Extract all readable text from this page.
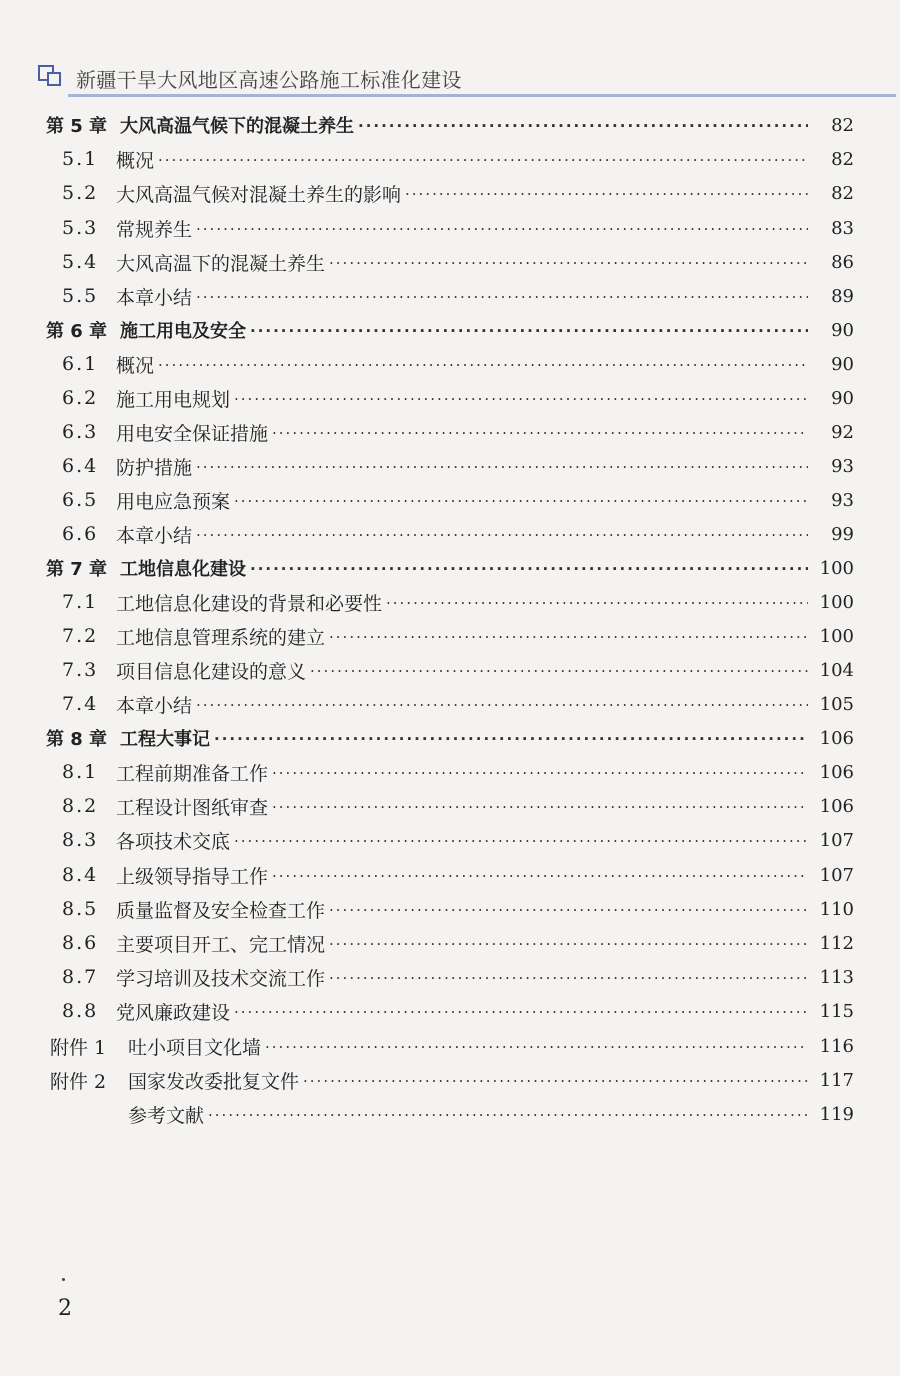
新疆干旱大风地区高速公路施工标准化建设
第 5 章 大风高温气候下的混凝土养生 ·····	82
5.1 概况 ·····	82
5.2 大风高温气候对混凝土养生的影响 ·····	82
5.3 常规养生 ·····	83
5.4 大风高温下的混凝土养生 ·····	86
5.5 本章小结 ·····	89
第 6 章 施工用电及安全 ·····	90
6.1 概况 ·····	90
6.2 施工用电规划 ·····	90
6.3 用电安全保证措施 ·····	92
6.4 防护措施 ·····	93
6.5 用电应急预案 ·····	93
6.6 本章小结 ·····	99
第 7 章 工地信息化建设 ·····	100
7.1 工地信息化建设的背景和必要性 ·····	100
7.2 工地信息管理系统的建立 ·····	100
7.3 项目信息化建设的意义 ·····	104
7.4 本章小结 ·····	105
第 8 章 工程大事记 ·····	106
8.1 工程前期准备工作 ·····	106
8.2 工程设计图纸审查 ·····	106
8.3 各项技术交底 ·····	107
8.4 上级领导指导工作 ·····	107
8.5 质量监督及安全检查工作 ·····	110
8.6 主要项目开工、完工情况 ·····	112
8.7 学习培训及技术交流工作 ·····	113
8.8 党风廉政建设 ·····	115
附件 1	吐小项目文化墙 ·····	116
附件 2	国家发改委批复文件 ·····	117
参考文献 ·····	119
2
